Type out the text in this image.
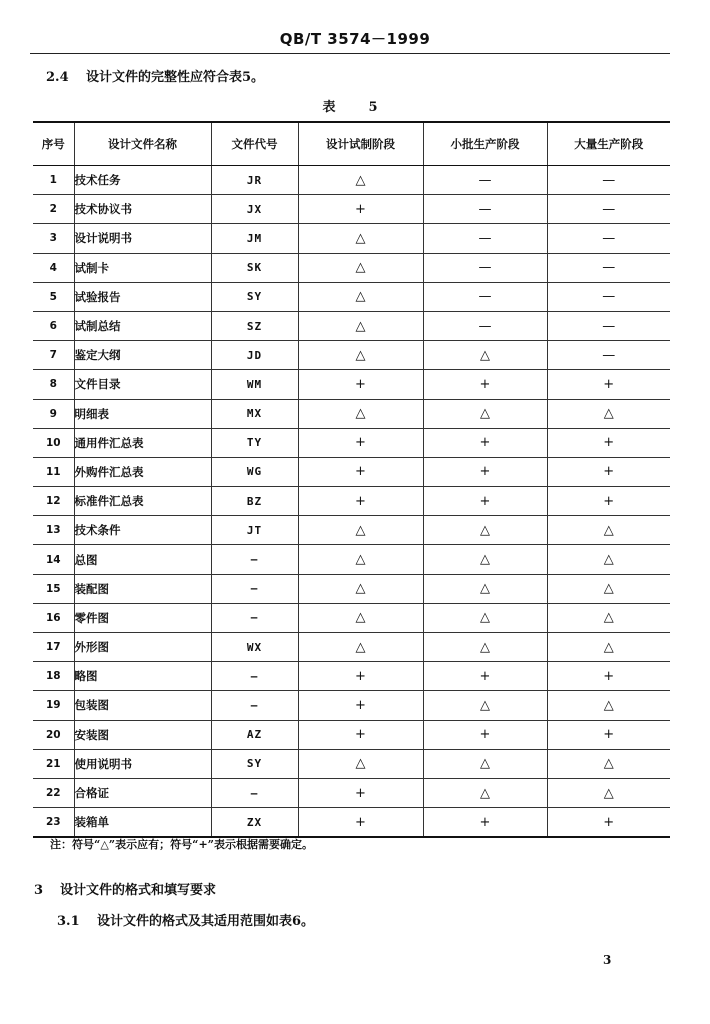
QB/T 3574－1999
2.4 设计文件的完整性应符合表5。
表　5
序号	设计文件名称	文件代号	设计试制阶段	小批生产阶段	大量生产阶段
1	技术任务	JR	△	—	—
2	技术协议书	JX	+	—	—
3	设计说明书	JM	△	—	—
4	试制卡	SK	△	—	—
5	试验报告	SY	△	—	—
6	试制总结	SZ	△	—	—
7	鉴定大纲	JD	△	△	—
8	文件目录	WM	+	+	+
9	明细表	MX	△	△	△
10	通用件汇总表	TY	+	+	+
11	外购件汇总表	WG	+	+	+
12	标准件汇总表	BZ	+	+	+
13	技术条件	JT	△	△	△
14	总图	—	△	△	△
15	装配图	—	△	△	△
16	零件图	—	△	△	△
17	外形图	WX	△	△	△
18	略图	—	+	+	+
19	包装图	—	+	△	△
20	安装图	AZ	+	+	+
21	使用说明书	SY	△	△	△
22	合格证	—	+	△	△
23	装箱单	ZX	+	+	+
注：符号“△”表示应有；符号“+”表示根据需要确定。
3 设计文件的格式和填写要求
3.1 设计文件的格式及其适用范围如表6。
3
